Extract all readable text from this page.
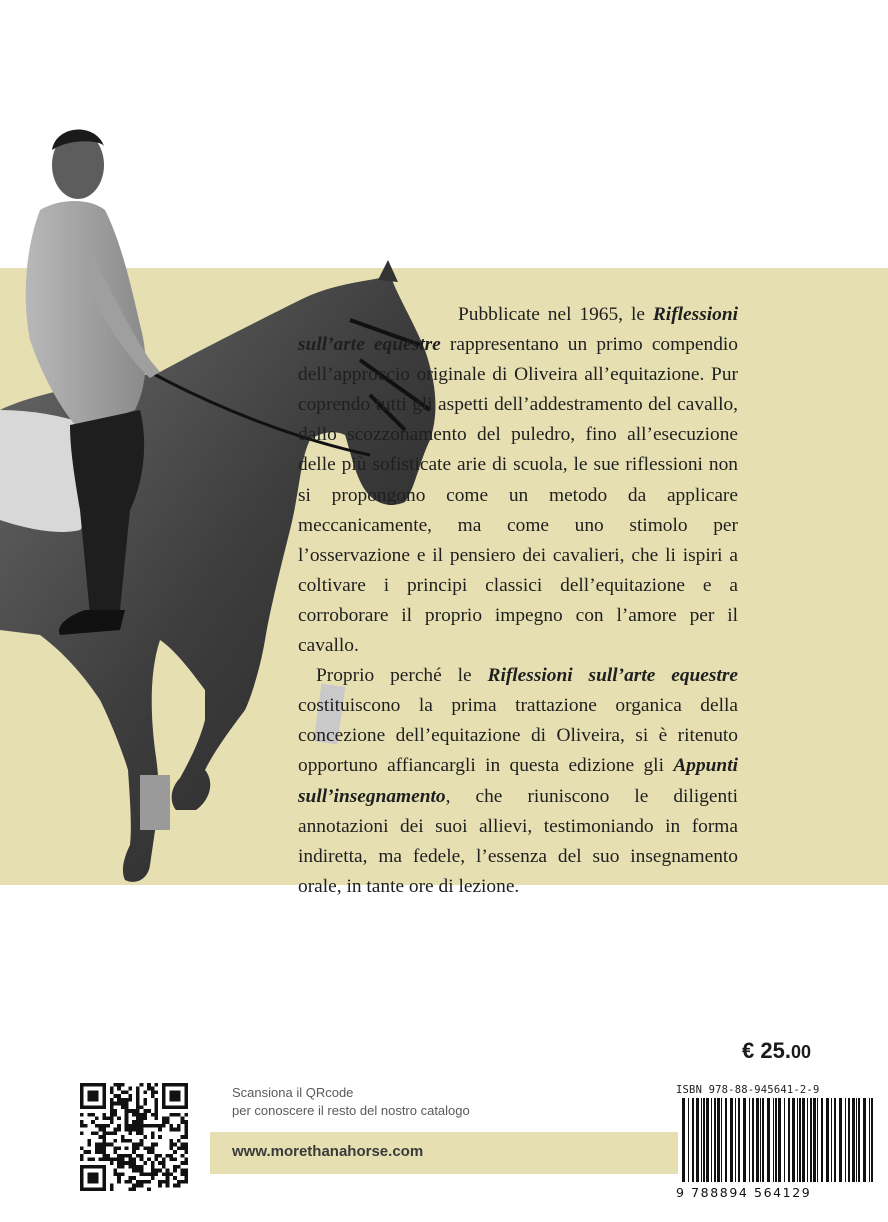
Pubblicate nel 1965, le Riflessioni sull’arte equestre rappresentano un primo compendio dell’approccio originale di Oliveira all’equitazione. Pur coprendo tutti gli aspetti dell’addestramento del cavallo, dallo scozzonamento del puledro, fino all’esecuzione delle più sofisticate arie di scuola, le sue riflessioni non si propongono come un metodo da applicare meccanicamente, ma come uno stimolo per l’osservazione e il pensiero dei cavalieri, che li ispiri a coltivare i principi classici dell’equitazione e a corroborare il proprio impegno con l’amore per il cavallo.

Proprio perché le Riflessioni sull’arte equestre costituiscono la prima trattazione organica della concezione dell’equitazione di Oliveira, si è ritenuto opportuno affiancargli in questa edizione gli Appunti sull’insegnamento, che riuniscono le diligenti annotazioni dei suoi allievi, testimoniando in forma indiretta, ma fedele, l’essenza del suo insegnamento orale, in tante ore di lezione.

€ 25.00
ISBN 978-88-945641-2-9
9 788894 564129
Scansiona il QRcode
per conoscere il resto del nostro catalogo
www.morethanahorse.com
